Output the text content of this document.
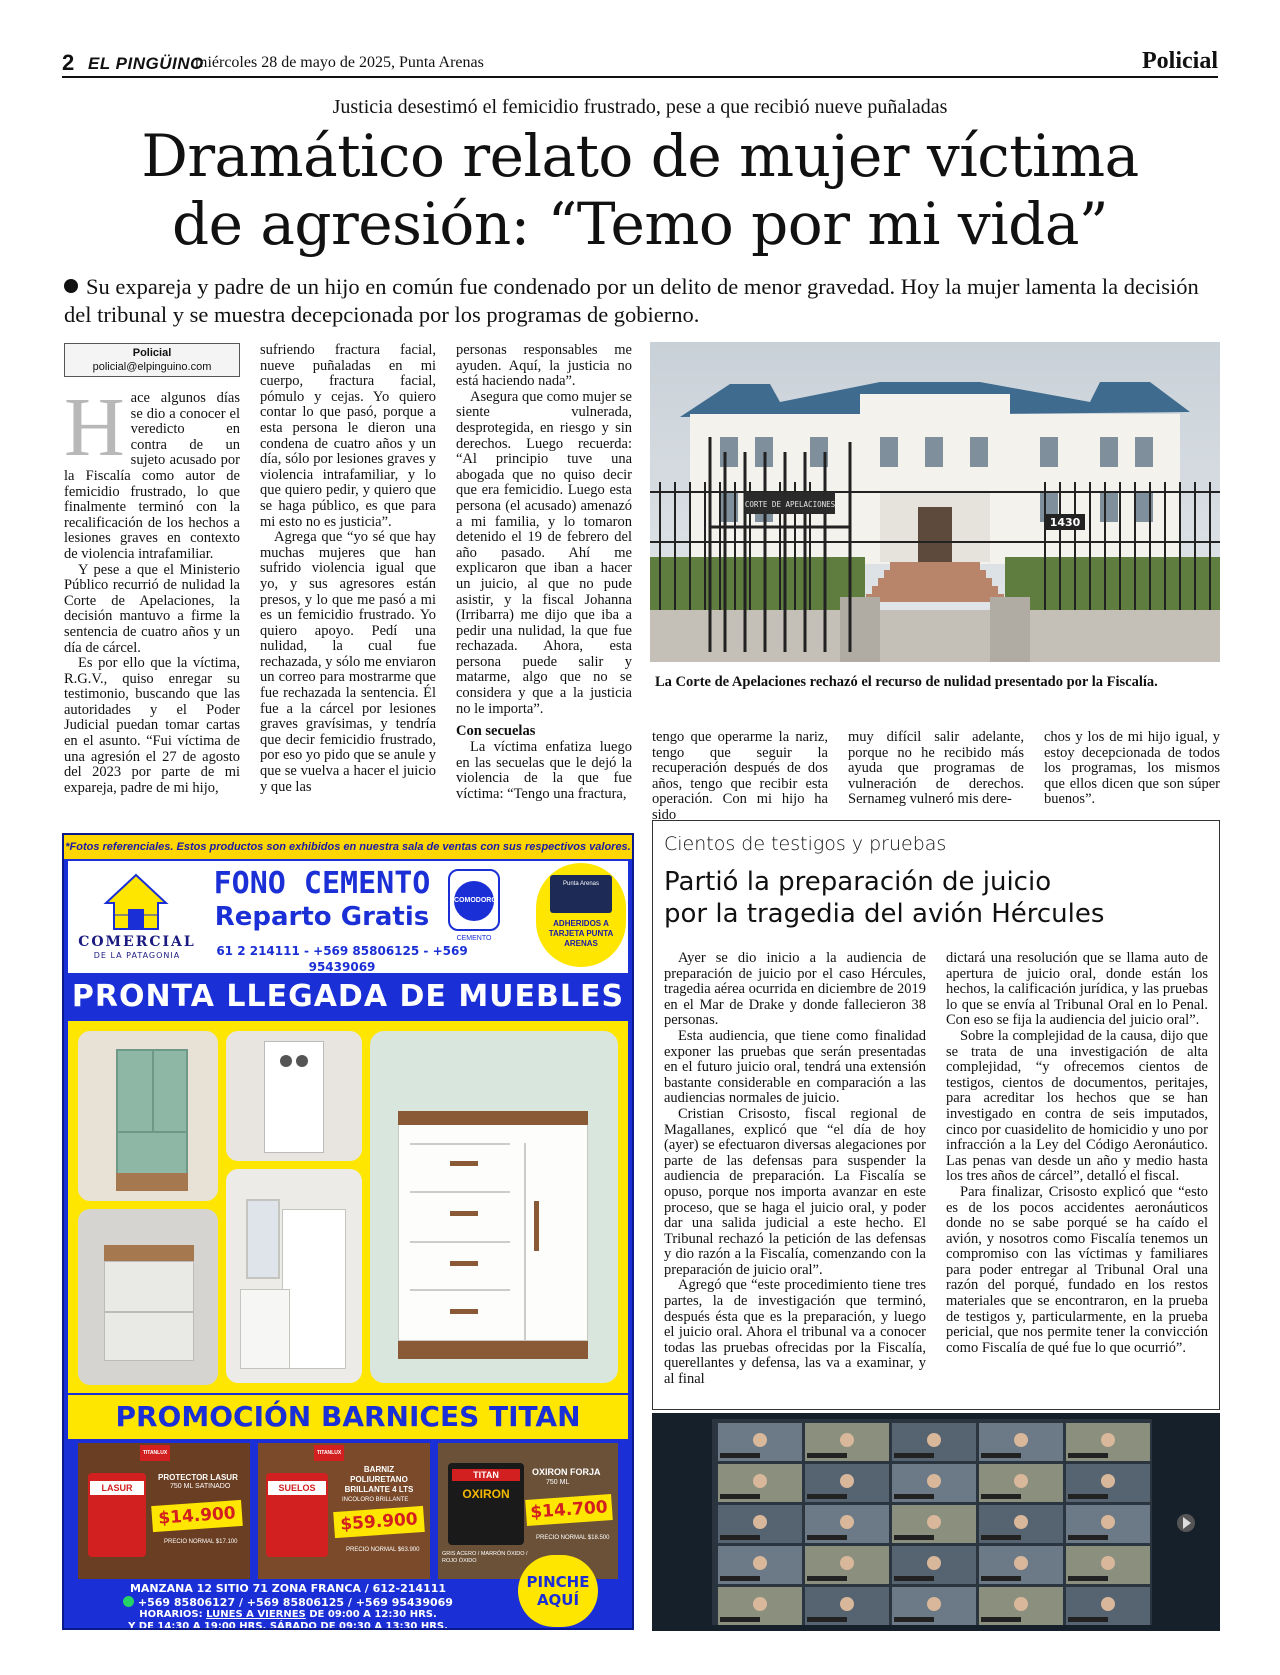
2 EL PINGÜINO
miércoles 28 de mayo de 2025, Punta Arenas	Policial
Justicia desestimó el femicidio frustrado, pese a que recibió nueve puñaladas
Dramático relato de mujer víctima
de agresión: “Temo por mi vida”
Su expareja y padre de un hijo en común fue condenado por un delito de menor gravedad. Hoy la mujer lamenta la decisión del tribunal y se muestra decepcionada por los programas de gobierno.
Policial
policial@elpinguino.com

Hace algunos días se dio a conocer el veredicto en contra de un sujeto acusado por la Fiscalía como autor de femicidio frustrado, lo que finalmente terminó con la recalificación de los hechos a lesiones graves en contexto de violencia intrafamiliar.

Y pese a que el Ministerio Público recurrió de nulidad la Corte de Apelaciones, la decisión mantuvo a firme la sentencia de cuatro años y un día de cárcel.

Es por ello que la víctima, R.G.V., quiso enregar su testimonio, buscando que las autoridades y el Poder Judicial puedan tomar cartas en el asunto. “Fui víctima de una agresión el 27 de agosto del 2023 por parte de mi expareja, padre de mi hijo,

sufriendo fractura facial, nueve puñaladas en mi cuerpo, fractura facial, pómulo y cejas. Yo quiero contar lo que pasó, porque a esta persona le dieron una condena de cuatro años y un día, sólo por lesiones graves y violencia intrafamiliar, y lo que quiero pedir, y quiero que se haga público, es que para mi esto no es justicia”.

Agrega que “yo sé que hay muchas mujeres que han sufrido violencia igual que yo, y sus agresores están presos, y lo que me pasó a mi es un femicidio frustrado. Yo quiero apoyo. Pedí una nulidad, la cual fue rechazada, y sólo me enviaron un correo para mostrarme que fue rechazada la sentencia. Él fue a la cárcel por lesiones graves gravísimas, y tendría que decir femicidio frustrado, por eso yo pido que se anule y que se vuelva a hacer el juicio y que las

personas responsables me ayuden. Aquí, la justicia no está haciendo nada”.

Asegura que como mujer se siente vulnerada, desprotegida, en riesgo y sin derechos. Luego recuerda: “Al principio tuve una abogada que no quiso decir que era femicidio. Luego esta persona (el acusado) amenazó a mi familia, y lo tomaron detenido el 19 de febrero del año pasado. Ahí me explicaron que iban a hacer un juicio, al que no pude asistir, y la fiscal Johanna (Irribarra) me dijo que iba a pedir una nulidad, la que fue rechazada. Ahora, esta persona puede salir y matarme, algo que no se considera y que a la justicia no le importa”.

Con secuelas

La víctima enfatiza luego en las secuelas que le dejó la violencia de la que fue víctima: “Tengo una fractura,

CORTE DE APELACIONES
1430
La Corte de Apelaciones rechazó el recurso de nulidad presentado por la Fiscalía.

tengo que operarme la nariz, tengo que seguir la recuperación después de dos años, tengo que recibir esta operación. Con mi hijo ha sido

muy difícil salir adelante, porque no he recibido más ayuda que programas de vulneración de derechos. Sernameg vulneró mis dere-

chos y los de mi hijo igual, y estoy decepcionada de todos los programas, los mismos que ellos dicen que son súper buenos”.

Cientos de testigos y pruebas
Partió la preparación de juicio
por la tragedia del avión Hércules

Ayer se dio inicio a la audiencia de preparación de juicio por el caso Hércules, tragedia aérea ocurrida en diciembre de 2019 en el Mar de Drake y donde fallecieron 38 personas.

Esta audiencia, que tiene como finalidad exponer las pruebas que serán presentadas en el futuro juicio oral, tendrá una extensión bastante considerable en comparación a las audiencias normales de juicio.

Cristian Crisosto, fiscal regional de Magallanes, explicó que “el día de hoy (ayer) se efectuaron diversas alegaciones por parte de las defensas para suspender la audiencia de preparación. La Fiscalía se opuso, porque nos importa avanzar en este proceso, que se haga el juicio oral, y poder dar una salida judicial a este hecho. El Tribunal rechazó la petición de las defensas y dio razón a la Fiscalía, comenzando con la preparación de juicio oral”.

Agregó que “este procedimiento tiene tres partes, la de investigación que terminó, después ésta que es la preparación, y luego el juicio oral. Ahora el tribunal va a conocer todas las pruebas ofrecidas por la Fiscalía, querellantes y defensa, las va a examinar, y al final

dictará una resolución que se llama auto de apertura de juicio oral, donde están los hechos, la calificación jurídica, y las pruebas lo que se envía al Tribunal Oral en lo Penal. Con eso se fija la audiencia del juicio oral”.

Sobre la complejidad de la causa, dijo que se trata de una investigación de alta complejidad, “y ofrecemos cientos de testigos, cientos de documentos, peritajes, para acreditar los hechos que se han investigado en contra de seis imputados, cinco por cuasidelito de homicidio y uno por infracción a la Ley del Código Aeronáutico. Las penas van desde un año y medio hasta los tres años de cárcel”, detalló el fiscal.

Para finalizar, Crisosto explicó que “esto es de los pocos accidentes aeronáuticos donde no se sabe porqué se ha caído el avión, y nosotros como Fiscalía tenemos un compromiso con las víctimas y familiares para poder entregar al Tribunal Oral una razón del porqué, fundado en los restos materiales que se encontraron, en la prueba de testigos y, particularmente, en la prueba pericial, que nos permite tener la convicción como Fiscalía de qué fue lo que ocurrió”.

*Fotos referenciales. Estos productos son exhibidos en nuestra sala de ventas con sus respectivos valores.
COMERCIAL
DE LA PATAGONIA
FONO CEMENTO
Reparto Gratis
61 2 214111 - +569 85806125 - +569 95439069
COMODORO
CEMENTO
Punta Arenas
ADHERIDOS A TARJETA PUNTA ARENAS
PRONTA LLEGADA DE MUEBLES
PROMOCIÓN BARNICES TITAN
PROTECTOR LASUR
750 ML SATINADO
TITANLUX
LASUR
$14.900
PRECIO NORMAL $17.100
BARNIZ POLIURETANO BRILLANTE 4 LTS
INCOLORO BRILLANTE
TITANLUX
SUELOS
$59.900
PRECIO NORMAL $63.900
OXIRON FORJA
750 ML
TITAN
OXIRON
$14.700
PRECIO NORMAL $18.500
GRIS ACERO / MARRÓN ÓXIDO / ROJO ÓXIDO
MANZANA 12 SITIO 71 ZONA FRANCA / 612-214111
+569 85806127 / +569 85806125 / +569 95439069
HORARIOS: LUNES A VIERNES DE 09:00 A 12:30 HRS.
Y DE 14:30 A 19:00 HRS. SÁBADO DE 09:30 A 13:30 HRS.
PINCHE
AQUÍ
